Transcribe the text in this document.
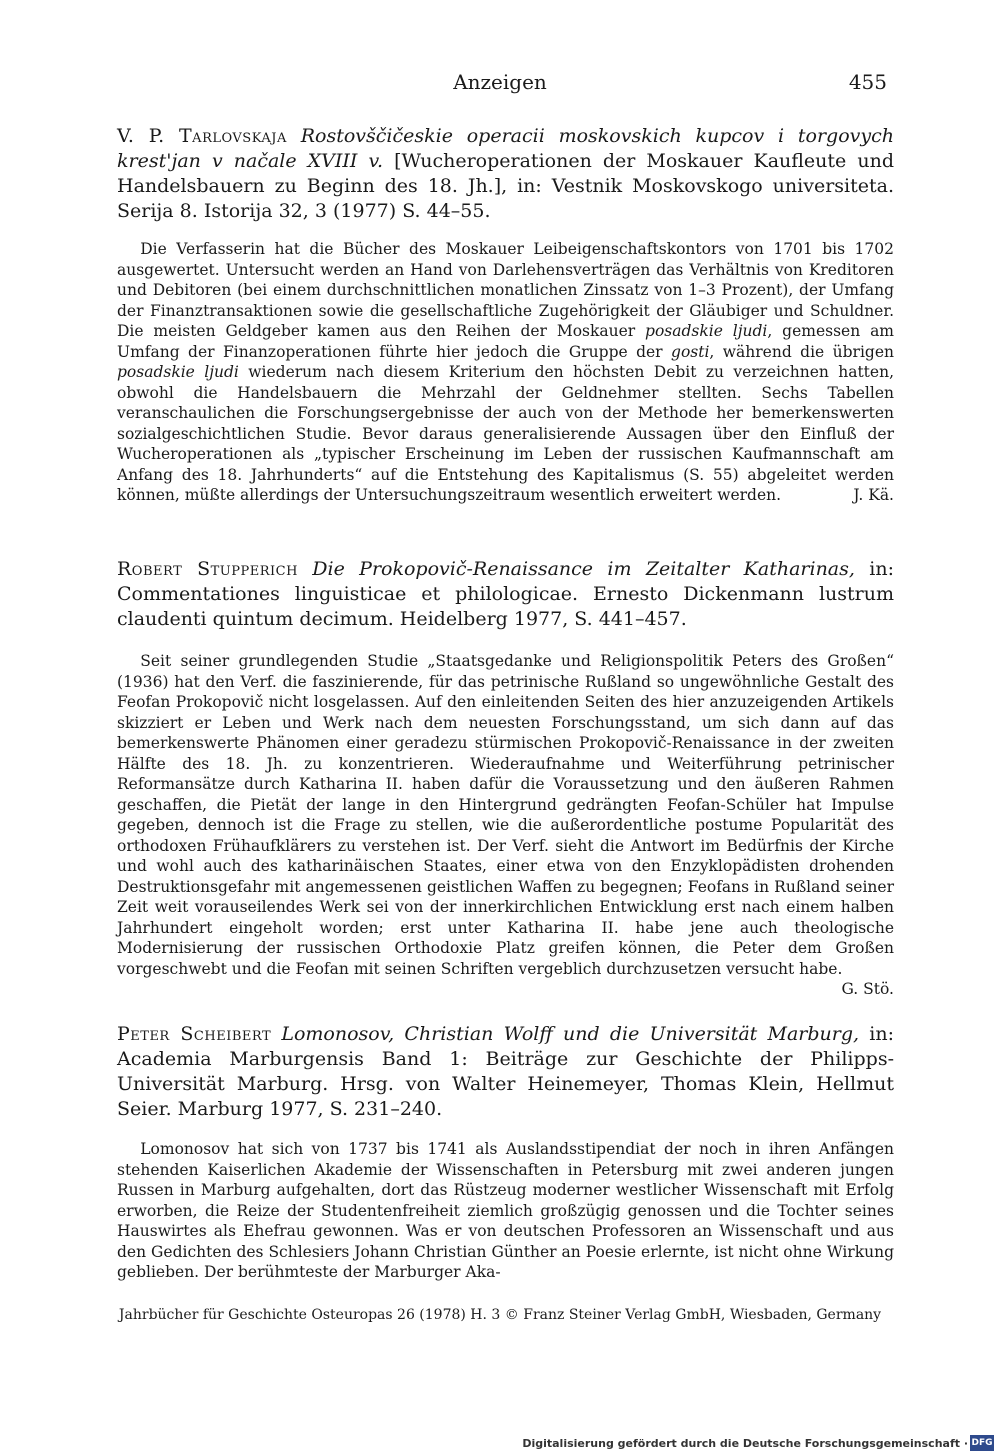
Anzeigen	455

V. P. Tarlovskaja Rostovščičeskie operacii moskovskich kupcov i torgovych krest'jan v načale XVIII v. [Wucheroperationen der Moskauer Kaufleute und Handelsbauern zu Beginn des 18. Jh.], in: Vestnik Moskovskogo universiteta. Serija 8. Istorija 32, 3 (1977) S. 44–55.

Die Verfasserin hat die Bücher des Moskauer Leibeigenschaftskontors von 1701 bis 1702 ausgewertet. Untersucht werden an Hand von Darlehensverträgen das Verhältnis von Kreditoren und Debitoren (bei einem durchschnittlichen monatlichen Zinssatz von 1–3 Prozent), der Umfang der Finanztransaktionen sowie die gesellschaftliche Zugehörigkeit der Gläubiger und Schuldner. Die meisten Geldgeber kamen aus den Reihen der Moskauer posadskie ljudi, gemessen am Umfang der Finanzoperationen führte hier jedoch die Gruppe der gosti, während die übrigen posadskie ljudi wiederum nach diesem Kriterium den höchsten Debit zu verzeichnen hatten, obwohl die Handelsbauern die Mehrzahl der Geldnehmer stellten. Sechs Tabellen veranschaulichen die Forschungsergebnisse der auch von der Methode her bemerkenswerten sozialgeschichtlichen Studie. Bevor daraus generalisierende Aussagen über den Einfluß der Wucheroperationen als „typischer Erscheinung im Leben der russischen Kaufmannschaft am Anfang des 18. Jahrhunderts“ auf die Entstehung des Kapitalismus (S. 55) abgeleitet werden können, müßte allerdings der Untersuchungszeitraum wesentlich erweitert werden.	J. Kä.

Robert Stupperich Die Prokopovič-Renaissance im Zeitalter Katharinas, in: Commentationes linguisticae et philologicae. Ernesto Dickenmann lustrum claudenti quintum decimum. Heidelberg 1977, S. 441–457.

Seit seiner grundlegenden Studie „Staatsgedanke und Religionspolitik Peters des Großen“ (1936) hat den Verf. die faszinierende, für das petrinische Rußland so ungewöhnliche Gestalt des Feofan Prokopovič nicht losgelassen. Auf den einleitenden Seiten des hier anzuzeigenden Artikels skizziert er Leben und Werk nach dem neuesten Forschungsstand, um sich dann auf das bemerkenswerte Phänomen einer geradezu stürmischen Prokopovič-Renaissance in der zweiten Hälfte des 18. Jh. zu konzentrieren. Wiederaufnahme und Weiterführung petrinischer Reformansätze durch Katharina II. haben dafür die Voraussetzung und den äußeren Rahmen geschaffen, die Pietät der lange in den Hintergrund gedrängten Feofan-Schüler hat Impulse gegeben, dennoch ist die Frage zu stellen, wie die außerordentliche postume Popularität des orthodoxen Frühaufklärers zu verstehen ist. Der Verf. sieht die Antwort im Bedürfnis der Kirche und wohl auch des katharinäischen Staates, einer etwa von den Enzyklopädisten drohenden Destruktionsgefahr mit angemessenen geistlichen Waffen zu begegnen; Feofans in Rußland seiner Zeit weit vorauseilendes Werk sei von der innerkirchlichen Entwicklung erst nach einem halben Jahrhundert eingeholt worden; erst unter Katharina II. habe jene auch theologische Modernisierung der russischen Orthodoxie Platz greifen können, die Peter dem Großen vorgeschwebt und die Feofan mit seinen Schriften vergeblich durchzusetzen versucht habe.
G. Stö.

Peter Scheibert Lomonosov, Christian Wolff und die Universität Marburg, in: Academia Marburgensis Band 1: Beiträge zur Geschichte der Philipps-Universität Marburg. Hrsg. von Walter Heinemeyer, Thomas Klein, Hellmut Seier. Marburg 1977, S. 231–240.

Lomonosov hat sich von 1737 bis 1741 als Auslandsstipendiat der noch in ihren Anfängen stehenden Kaiserlichen Akademie der Wissenschaften in Petersburg mit zwei anderen jungen Russen in Marburg aufgehalten, dort das Rüstzeug moderner westlicher Wissenschaft mit Erfolg erworben, die Reize der Studentenfreiheit ziemlich großzügig genossen und die Tochter seines Hauswirtes als Ehefrau gewonnen. Was er von deutschen Professoren an Wissenschaft und aus den Gedichten des Schlesiers Johann Christian Günther an Poesie erlernte, ist nicht ohne Wirkung geblieben. Der berühmteste der Marburger Aka-

Jahrbücher für Geschichte Osteuropas 26 (1978) H. 3 © Franz Steiner Verlag GmbH, Wiesbaden, Germany
Digitalisierung gefördert durch die Deutsche Forschungsgemeinschaft · DFG
